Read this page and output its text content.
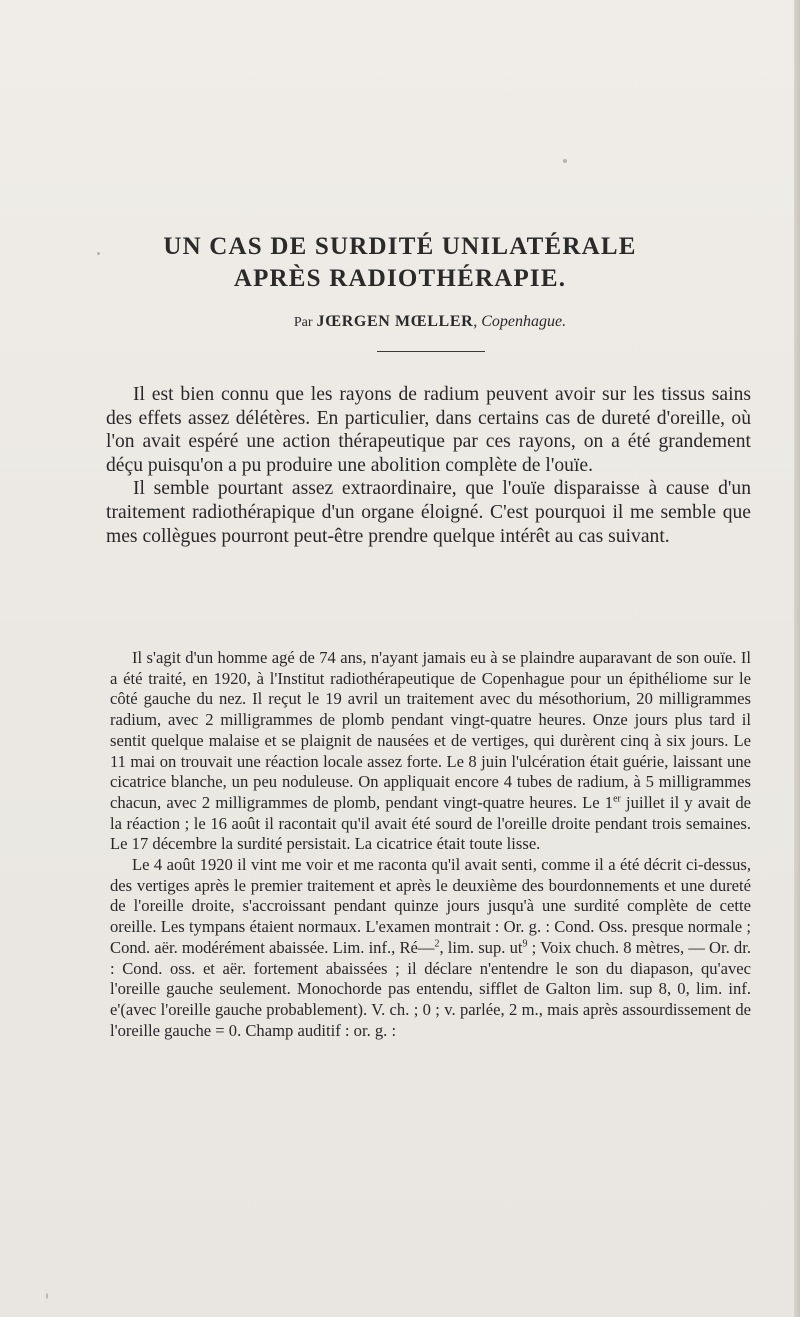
UN CAS DE SURDITÉ UNILATÉRALE
APRÈS RADIOTHÉRAPIE.

Par JŒRGEN MŒLLER, Copenhague.

Il est bien connu que les rayons de radium peuvent avoir sur les tissus sains des effets assez délétères. En particulier, dans certains cas de dureté d'oreille, où l'on avait espéré une action thérapeutique par ces rayons, on a été grandement déçu puisqu'on a pu produire une abolition complète de l'ouïe.

Il semble pourtant assez extraordinaire, que l'ouïe disparaisse à cause d'un traitement radiothérapique d'un organe éloigné. C'est pourquoi il me semble que mes collègues pourront peut-être prendre quelque intérêt au cas suivant.

Il s'agit d'un homme agé de 74 ans, n'ayant jamais eu à se plaindre auparavant de son ouïe. Il a été traité, en 1920, à l'Institut radiothérapeutique de Copenhague pour un épithéliome sur le côté gauche du nez. Il reçut le 19 avril un traitement avec du mésothorium, 20 milligrammes radium, avec 2 milligrammes de plomb pendant vingt-quatre heures. Onze jours plus tard il sentit quelque malaise et se plaignit de nausées et de vertiges, qui durèrent cinq à six jours. Le 11 mai on trouvait une réaction locale assez forte. Le 8 juin l'ulcération était guérie, laissant une cicatrice blanche, un peu noduleuse. On appliquait encore 4 tubes de radium, à 5 milligrammes chacun, avec 2 milligrammes de plomb, pendant vingt-quatre heures. Le 1er juillet il y avait de la réaction ; le 16 août il racontait qu'il avait été sourd de l'oreille droite pendant trois semaines. Le 17 décembre la surdité persistait. La cicatrice était toute lisse.

Le 4 août 1920 il vint me voir et me raconta qu'il avait senti, comme il a été décrit ci-dessus, des vertiges après le premier traitement et après le deuxième des bourdonnements et une dureté de l'oreille droite, s'accroissant pendant quinze jours jusqu'à une surdité complète de cette oreille. Les tympans étaient normaux. L'examen montrait : Or. g. : Cond. Oss. presque normale ; Cond. aër. modérément abaissée. Lim. inf., Ré—$^2$, lim. sup. $ut^9$ ; Voix chuch. 8 mètres, — Or. dr. : Cond. oss. et aër. fortement abaissées ; il déclare n'entendre le son du diapason, qu'avec l'oreille gauche seulement. Monochorde pas entendu, sifflet de Galton lim. sup 8, 0, lim. inf. e'(avec l'oreille gauche probablement). V. ch. ; 0 ; v. parlée, 2 m., mais après assourdissement de l'oreille gauche = 0. Champ auditif : or. g. :
